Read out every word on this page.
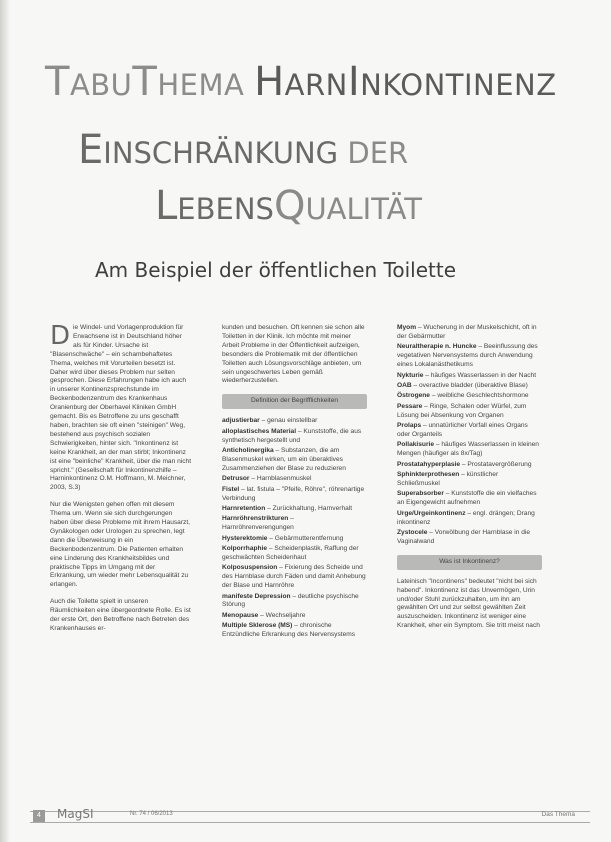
TABUTHEMA HARNINKONTINENZ
EINSCHRÄNKUNG DER
LEBENSQUALITÄT
Am Beispiel der öffentlichen Toilette
D ie Windel- und Vorlagenproduktion für Erwachsene ist in Deutschland höher als für Kinder. Ursache ist "Blasenschwäche" – ein schambehaftetes Thema, welches mit Vorurteilen besetzt ist. Daher wird über dieses Problem nur selten gesprochen. Diese Erfahrungen habe ich auch in unserer Kontinenzsprechstunde im Beckenbodenzentrum des Krankenhaus Oranienburg der Oberhavel Kliniken GmbH gemacht. Bis es Betroffene zu uns geschafft haben, brachten sie oft einen "steinigen" Weg, bestehend aus psychisch sozialen Schwierigkeiten, hinter sich. "Inkontinenz ist keine Krankheit, an der man stirbt; Inkontinenz ist eine "beinliche" Krankheit, über die man nicht spricht." (Gesellschaft für Inkontinenzhilfe – Harninkontinenz O.M. Hoffmann, M. Meichner, 2003, S.3)

Nur die Wenigsten gehen offen mit diesem Thema um. Wenn sie sich durchgerungen haben über diese Probleme mit ihrem Hausarzt, Gynäkologen oder Urologen zu sprechen, legt dann die Überweisung in ein Beckenbodenzentrum. Die Patienten erhalten eine Linderung des Krankheitsbildes und praktische Tipps im Umgang mit der Erkrankung, um wieder mehr Lebensqualität zu erlangen.

Auch die Toilette spielt in unseren Räumlichkeiten eine übergeordnete Rolle. Es ist der erste Ort, den Betroffene nach Betreten des Krankenhauses er-

kunden und besuchen. Oft kennen sie schon alle Toiletten in der Klinik. Ich möchte mit meiner Arbeit Probleme in der Öffentlichkeit aufzeigen, besonders die Problematik mit der öffentlichen Toiletten auch Lösungsvorschläge anbieten, um sein ungeschwertes Leben gemäß wiederherzustellen.

Definition der Begrifflichkeiten
adjustierbar – genau einstellbar
alloplastisches Material – Kunststoffe, die aus synthetisch hergestellt und
Anticholinergika – Substanzen, die am Blasenmuskel wirken, um ein überaktives Zusammenziehen der Blase zu reduzieren
Detrusor – Harnblasenmuskel
Fistel – lat. fistula – "Pfeife, Röhre", röhrenartige Verbindung
Harnretention – Zurückhaltung, Harnverhalt
Harnröhrenstrikturen – Harnröhrenverengungen
Hysterektomie – Gebärmutterentfernung
Kolporrhaphie – Scheidenplastik, Raffung der geschwächten Scheidenhaut
Kolposuspension – Fixierung des Scheide und des Harnblase durch Fäden und damit Anhebung der Blase und Harnröhre
manifeste Depression – deutliche psychische Störung
Menopause – Wechseljahre
Multiple Sklerose (MS) – chronische Entzündliche Erkrankung des Nervensystems
Myom – Wucherung in der Muskelschicht, oft in der Gebärmutter
Neuraltherapie n. Huncke – Beeinflussung des vegetativen Nervensystems durch Anwendung eines Lokalanästhetikums
Nykturie – häufiges Wasserlassen in der Nacht
OAB – overactive bladder (überaktive Blase)
Östrogene – weibliche Geschlechtshormone
Pessare – Ringe, Schalen oder Würfel, zum Lösung bei Absenkung von Organen
Prolaps – unnatürlicher Vorfall eines Organs oder Organteils
Pollakisurie – häufiges Wasserlassen in kleinen Mengen (häufiger als 8x/Tag)
Prostatahyperplasie – Prostatavergrößerung
Sphinkterprothesen – künstlicher Schließmuskel
Superabsorber – Kunststoffe die ein vielfaches an Eigengewicht aufnehmen
Urge/Urgeinkontinenz – engl. drängen; Drang inkontinenz
Zystocele – Vorwölbung der Harnblase in die Vaginalwand
Was ist Inkontinenz?

Lateinisch "Incontinens" bedeutet "nicht bei sich habend". Inkontinenz ist das Unvermögen, Urin und/oder Stuhl zurückzuhalten, um ihn am gewählten Ort und zur selbst gewählten Zeit auszuscheiden. Inkontinenz ist weniger eine Krankheit, eher ein Symptom. Sie tritt meist nach

4	MagSI	Nr. 74 / 06/2013	Das Thema
